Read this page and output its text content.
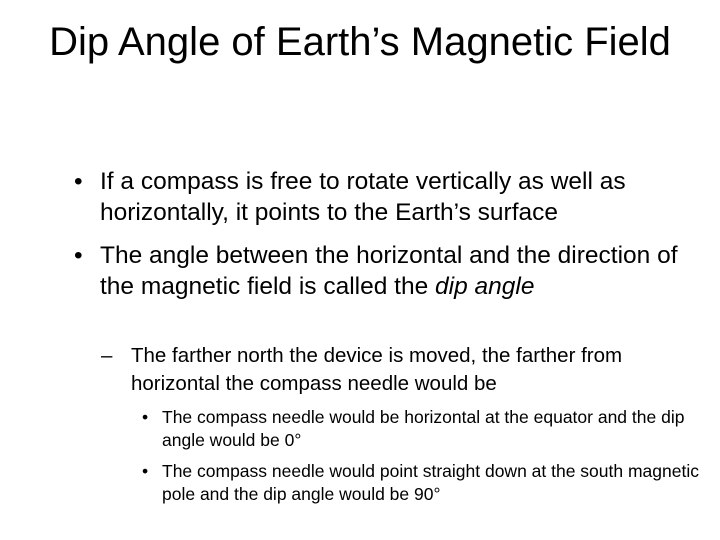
Dip Angle of Earth’s Magnetic Field
• If a compass is free to rotate vertically as well as horizontally, it points to the Earth’s surface
• The angle between the horizontal and the direction of the magnetic field is called the dip angle
– The farther north the device is moved, the farther from horizontal the compass needle would be
• The compass needle would be horizontal at the equator and the dip angle would be 0°
• The compass needle would point straight down at the south magnetic pole and the dip angle would be 90°
